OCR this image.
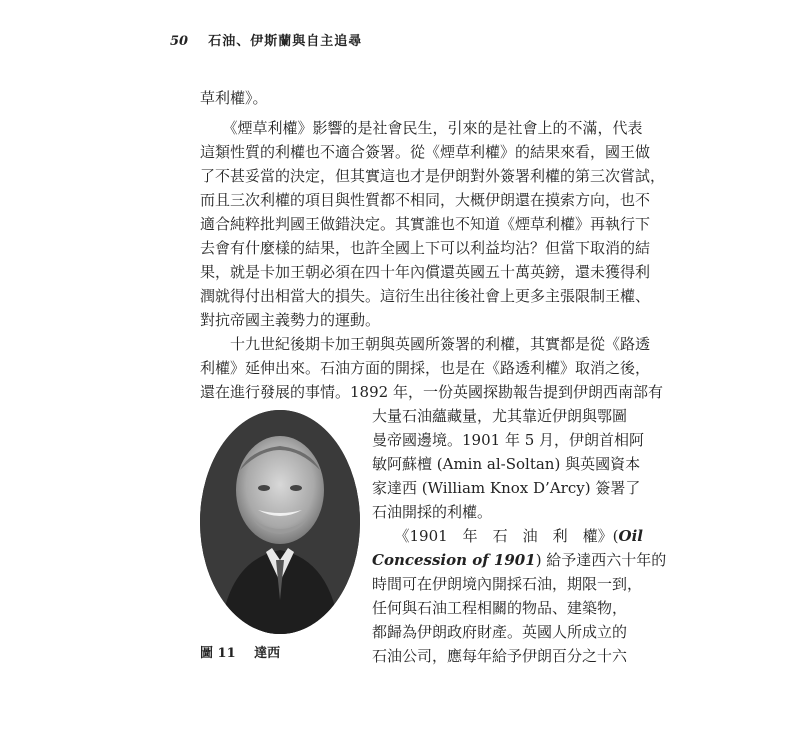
50 石油、伊斯蘭與自主追尋
草利權》。
　　《煙草利權》影響的是社會民生，引來的是社會上的不滿，代表
這類性質的利權也不適合簽署。從《煙草利權》的結果來看，國王做
了不甚妥當的決定，但其實這也才是伊朗對外簽署利權的第三次嘗試，
而且三次利權的項目與性質都不相同，大概伊朗還在摸索方向，也不
適合純粹批判國王做錯決定。其實誰也不知道《煙草利權》再執行下
去會有什麼樣的結果，也許全國上下可以利益均沾？但當下取消的結
果，就是卡加王朝必須在四十年內償還英國五十萬英鎊，還未獲得利
潤就得付出相當大的損失。這衍生出往後社會上更多主張限制王權、
對抗帝國主義勢力的運動。
　　十九世紀後期卡加王朝與英國所簽署的利權，其實都是從《路透
利權》延伸出來。石油方面的開採，也是在《路透利權》取消之後，
還在進行發展的事情。1892 年，一份英國探勘報告提到伊朗西南部有
大量石油蘊藏量，尤其靠近伊朗與鄂圖
曼帝國邊境。1901 年 5 月，伊朗首相阿
敏阿蘇檀 (Amin al-Soltan) 與英國資本
家達西 (William Knox D’Arcy) 簽署了
石油開採的利權。
　　《1901　年　石　油　利　權》(Oil
Concession of 1901) 給予達西六十年的
時間可在伊朗境內開採石油，期限一到，
任何與石油工程相關的物品、建築物，
都歸為伊朗政府財產。英國人所成立的
石油公司，應每年給予伊朗百分之十六
圖 11 達西
